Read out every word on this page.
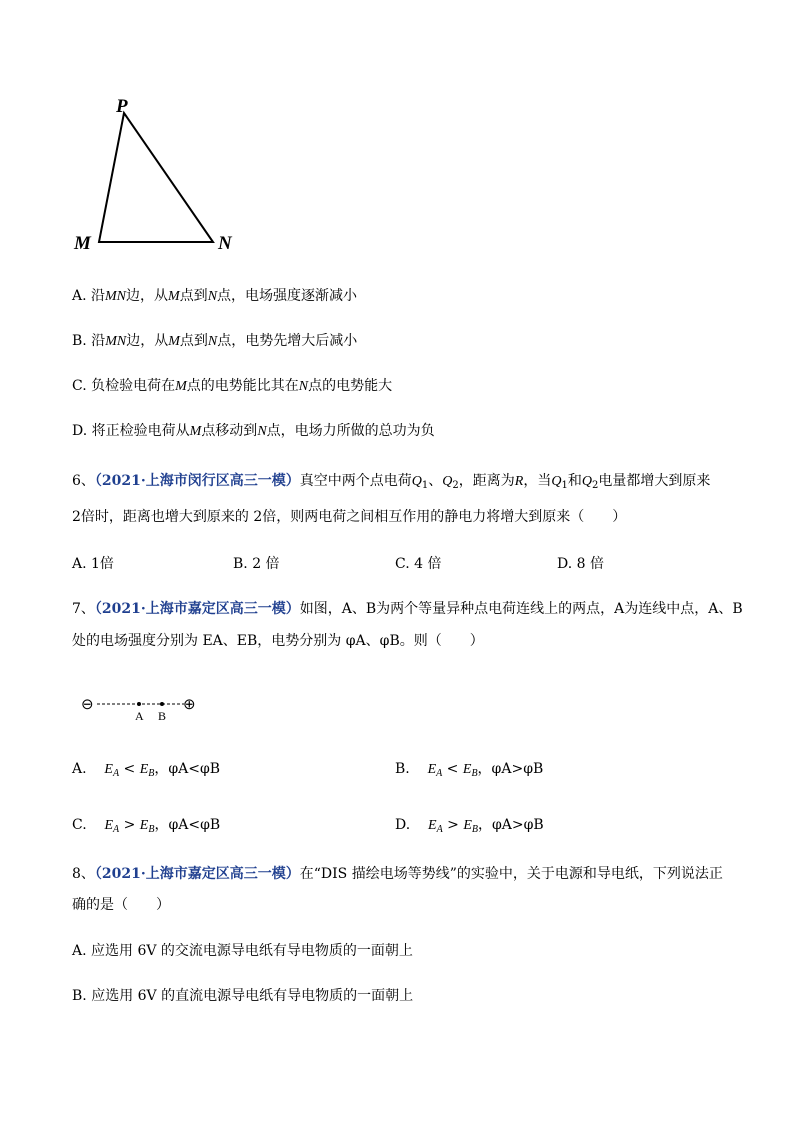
P
M	N
A. 沿MN边，从M点到N点，电场强度逐渐减小
B. 沿MN边，从M点到N点，电势先增大后减小
C. 负检验电荷在M点的电势能比其在N点的电势能大
D. 将正检验电荷从M点移动到N点，电场力所做的总功为负
6、（2021·上海市闵行区高三一模）真空中两个点电荷$Q_1$、$Q_2$，距离为R，当$Q_1$和$Q_2$电量都增大到原来
2倍时，距离也增大到原来的 2倍，则两电荷之间相互作用的静电力将增大到原来（　　）
A. 1倍	B. 2 倍	C. 4 倍	D. 8 倍
7、（2021·上海市嘉定区高三一模）如图，A、B为两个等量异种点电荷连线上的两点，A为连线中点，A、B
处的电场强度分别为 EA、EB，电势分别为 φA、φB。则（　　）
⊖
A B
⊕
A. $E_A < E_B$，φA<φB	B. $E_A < E_B$，φA>φB
C. $E_A > E_B$，φA<φB	D. $E_A > E_B$，φA>φB
8、（2021·上海市嘉定区高三一模）在“DIS 描绘电场等势线”的实验中，关于电源和导电纸，下列说法正
确的是（　　）
A. 应选用 6V 的交流电源导电纸有导电物质的一面朝上
B. 应选用 6V 的直流电源导电纸有导电物质的一面朝上
